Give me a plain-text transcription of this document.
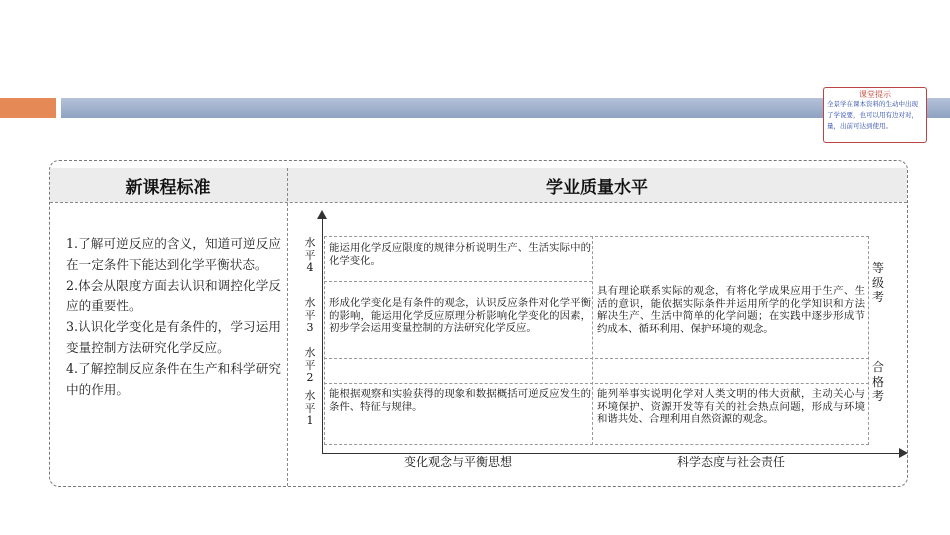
课堂提示
全景学在课本资料的生动中出现了学说要，也可以用有边对对，量，出前可达到使用。
新课程标准	学业质量水平

1.了解可逆反应的含义，知道可逆反应在一定条件下能达到化学平衡状态。

2.体会从限度方面去认识和调控化学反应的重要性。

3.认识化学变化是有条件的，学习运用变量控制方法研究化学反应。

4.了解控制反应条件在生产和科学研究中的作用。

水平4
水平3
水平2
水平1
能运用化学反应限度的规律分析说明生产、生活实际中的化学变化。
形成化学变化是有条件的观念，认识反应条件对化学平衡的影响，能运用化学反应原理分析影响化学变化的因素，初步学会运用变量控制的方法研究化学反应。
具有理论联系实际的观念，有将化学成果应用于生产、生活的意识，能依据实际条件并运用所学的化学知识和方法解决生产、生活中简单的化学问题；在实践中逐步形成节约成本、循环利用、保护环境的观念。
能根据观察和实验获得的现象和数据概括可逆反应发生的条件、特征与规律。
能列举事实说明化学对人类文明的伟大贡献，主动关心与环境保护、资源开发等有关的社会热点问题，形成与环境和谐共处、合理利用自然资源的观念。
等级考
合格考
变化观念与平衡思想	科学态度与社会责任
